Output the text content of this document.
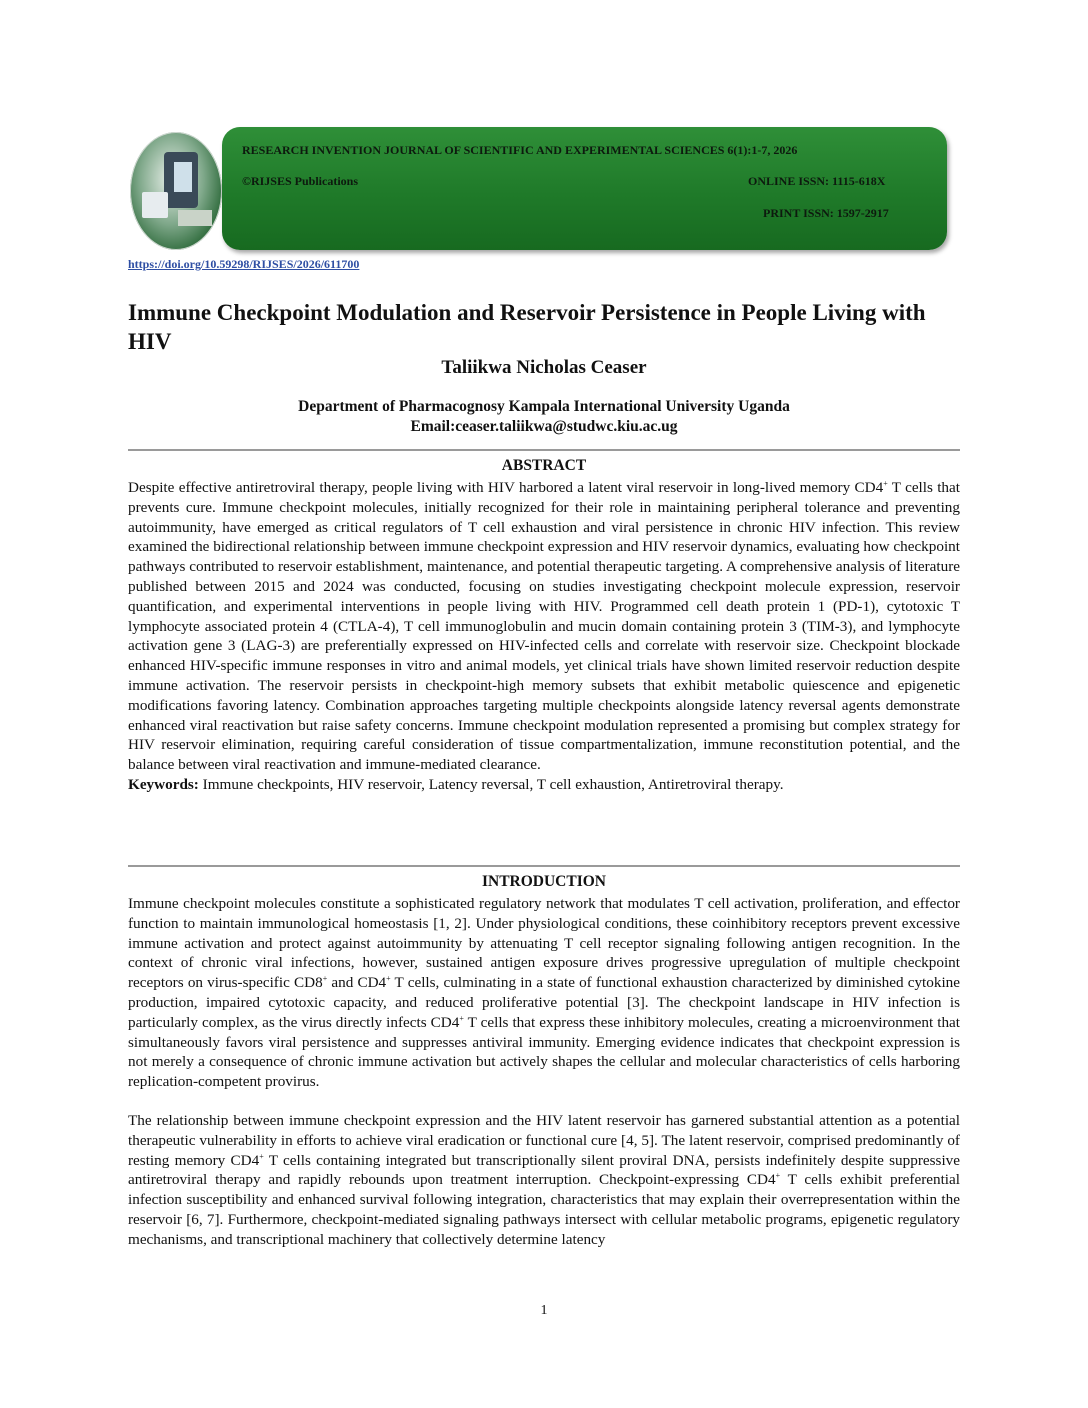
RESEARCH INVENTION JOURNAL OF SCIENTIFIC AND EXPERIMENTAL SCIENCES 6(1):1-7, 2026
©RIJSES Publications	ONLINE ISSN: 1115-618X
PRINT ISSN: 1597-2917
https://doi.org/10.59298/RIJSES/2026/611700
Immune Checkpoint Modulation and Reservoir Persistence in People Living with HIV
Taliikwa Nicholas Ceaser
Department of Pharmacognosy Kampala International University Uganda
Email:ceaser.taliikwa@studwc.kiu.ac.ug
ABSTRACT
Despite effective antiretroviral therapy, people living with HIV harbored a latent viral reservoir in long-lived memory CD4+ T cells that prevents cure. Immune checkpoint molecules, initially recognized for their role in maintaining peripheral tolerance and preventing autoimmunity, have emerged as critical regulators of T cell exhaustion and viral persistence in chronic HIV infection. This review examined the bidirectional relationship between immune checkpoint expression and HIV reservoir dynamics, evaluating how checkpoint pathways contributed to reservoir establishment, maintenance, and potential therapeutic targeting. A comprehensive analysis of literature published between 2015 and 2024 was conducted, focusing on studies investigating checkpoint molecule expression, reservoir quantification, and experimental interventions in people living with HIV. Programmed cell death protein 1 (PD-1), cytotoxic T lymphocyte associated protein 4 (CTLA-4), T cell immunoglobulin and mucin domain containing protein 3 (TIM-3), and lymphocyte activation gene 3 (LAG-3) are preferentially expressed on HIV-infected cells and correlate with reservoir size. Checkpoint blockade enhanced HIV-specific immune responses in vitro and animal models, yet clinical trials have shown limited reservoir reduction despite immune activation. The reservoir persists in checkpoint-high memory subsets that exhibit metabolic quiescence and epigenetic modifications favoring latency. Combination approaches targeting multiple checkpoints alongside latency reversal agents demonstrate enhanced viral reactivation but raise safety concerns. Immune checkpoint modulation represented a promising but complex strategy for HIV reservoir elimination, requiring careful consideration of tissue compartmentalization, immune reconstitution potential, and the balance between viral reactivation and immune-mediated clearance.
Keywords: Immune checkpoints, HIV reservoir, Latency reversal, T cell exhaustion, Antiretroviral therapy.
INTRODUCTION
Immune checkpoint molecules constitute a sophisticated regulatory network that modulates T cell activation, proliferation, and effector function to maintain immunological homeostasis [1, 2]. Under physiological conditions, these coinhibitory receptors prevent excessive immune activation and protect against autoimmunity by attenuating T cell receptor signaling following antigen recognition. In the context of chronic viral infections, however, sustained antigen exposure drives progressive upregulation of multiple checkpoint receptors on virus-specific CD8+ and CD4+ T cells, culminating in a state of functional exhaustion characterized by diminished cytokine production, impaired cytotoxic capacity, and reduced proliferative potential [3]. The checkpoint landscape in HIV infection is particularly complex, as the virus directly infects CD4+ T cells that express these inhibitory molecules, creating a microenvironment that simultaneously favors viral persistence and suppresses antiviral immunity. Emerging evidence indicates that checkpoint expression is not merely a consequence of chronic immune activation but actively shapes the cellular and molecular characteristics of cells harboring replication-competent provirus.
The relationship between immune checkpoint expression and the HIV latent reservoir has garnered substantial attention as a potential therapeutic vulnerability in efforts to achieve viral eradication or functional cure [4, 5]. The latent reservoir, comprised predominantly of resting memory CD4+ T cells containing integrated but transcriptionally silent proviral DNA, persists indefinitely despite suppressive antiretroviral therapy and rapidly rebounds upon treatment interruption. Checkpoint-expressing CD4+ T cells exhibit preferential infection susceptibility and enhanced survival following integration, characteristics that may explain their overrepresentation within the reservoir [6, 7]. Furthermore, checkpoint-mediated signaling pathways intersect with cellular metabolic programs, epigenetic regulatory mechanisms, and transcriptional machinery that collectively determine latency
1
